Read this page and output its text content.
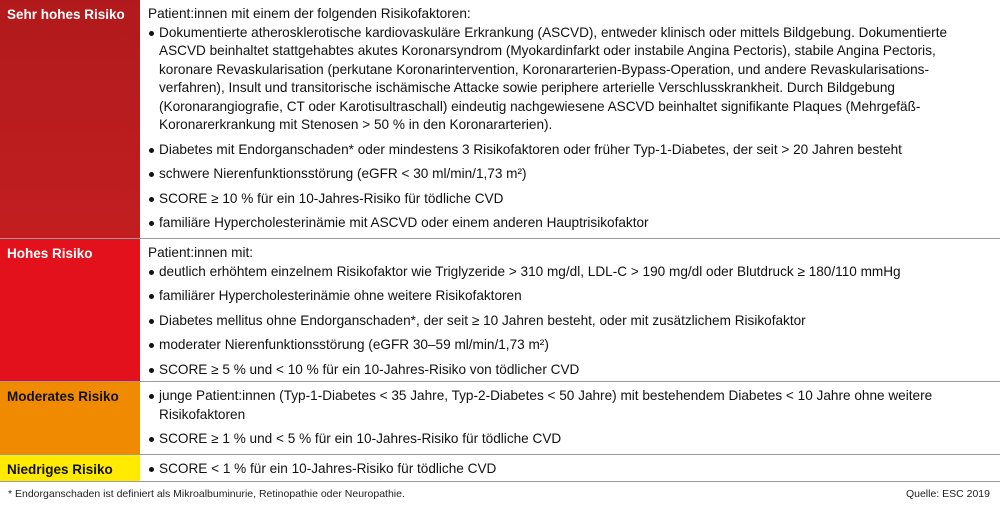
Sehr hohes Risiko	Patient:innen mit einem der folgenden Risikofaktoren:

Dokumentierte atherosklerotische kardiovaskuläre Erkrankung (ASCVD), entweder klinisch oder mittels Bildgebung. Dokumentierte ASCVD beinhaltet stattgehabtes akutes Koronarsyndrom (Myokardinfarkt oder instabile Angina Pectoris), stabile Angina Pectoris, koronare Revaskularisation (perkutane Koronarintervention, Koronararterien-Bypass-Operation, und andere Revaskularisations-verfahren), Insult und transitorische ischämische Attacke sowie periphere arterielle Verschlusskrankheit. Durch Bildgebung (Koronarangiografie, CT oder Karotisultraschall) eindeutig nachgewiesene ASCVD beinhaltet signifikante Plaques (Mehrgefäß-Koronarerkrankung mit Stenosen > 50 % in den Koronararterien).
Diabetes mit Endorganschaden* oder mindestens 3 Risikofaktoren oder früher Typ-1-Diabetes, der seit > 20 Jahren besteht
schwere Nierenfunktionsstörung (eGFR < 30 ml/min/1,73 m²)
SCORE ≥ 10 % für ein 10-Jahres-Risiko für tödliche CVD
familiäre Hypercholesterinämie mit ASCVD oder einem anderen Hauptrisikofaktor
Hohes Risiko	Patient:innen mit:

deutlich erhöhtem einzelnem Risikofaktor wie Triglyzeride > 310 mg/dl, LDL-C > 190 mg/dl oder Blutdruck ≥ 180/110 mmHg
familiärer Hypercholesterinämie ohne weitere Risikofaktoren
Diabetes mellitus ohne Endorganschaden*, der seit ≥ 10 Jahren besteht, oder mit zusätzlichem Risikofaktor
moderater Nierenfunktionsstörung (eGFR 30–59 ml/min/1,73 m²)
SCORE ≥ 5 % und < 10 % für ein 10-Jahres-Risiko von tödlicher CVD
Moderates Risiko	junge Patient:innen (Typ-1-Diabetes < 35 Jahre, Typ-2-Diabetes < 50 Jahre) mit bestehendem Diabetes < 10 Jahre ohne weitere Risikofaktoren
SCORE ≥ 1 % und < 5 % für ein 10-Jahres-Risiko für tödliche CVD
Niedriges Risiko	SCORE < 1 % für ein 10-Jahres-Risiko für tödliche CVD
* Endorganschaden ist definiert als Mikroalbuminurie, Retinopathie oder Neuropathie.	Quelle: ESC 2019
